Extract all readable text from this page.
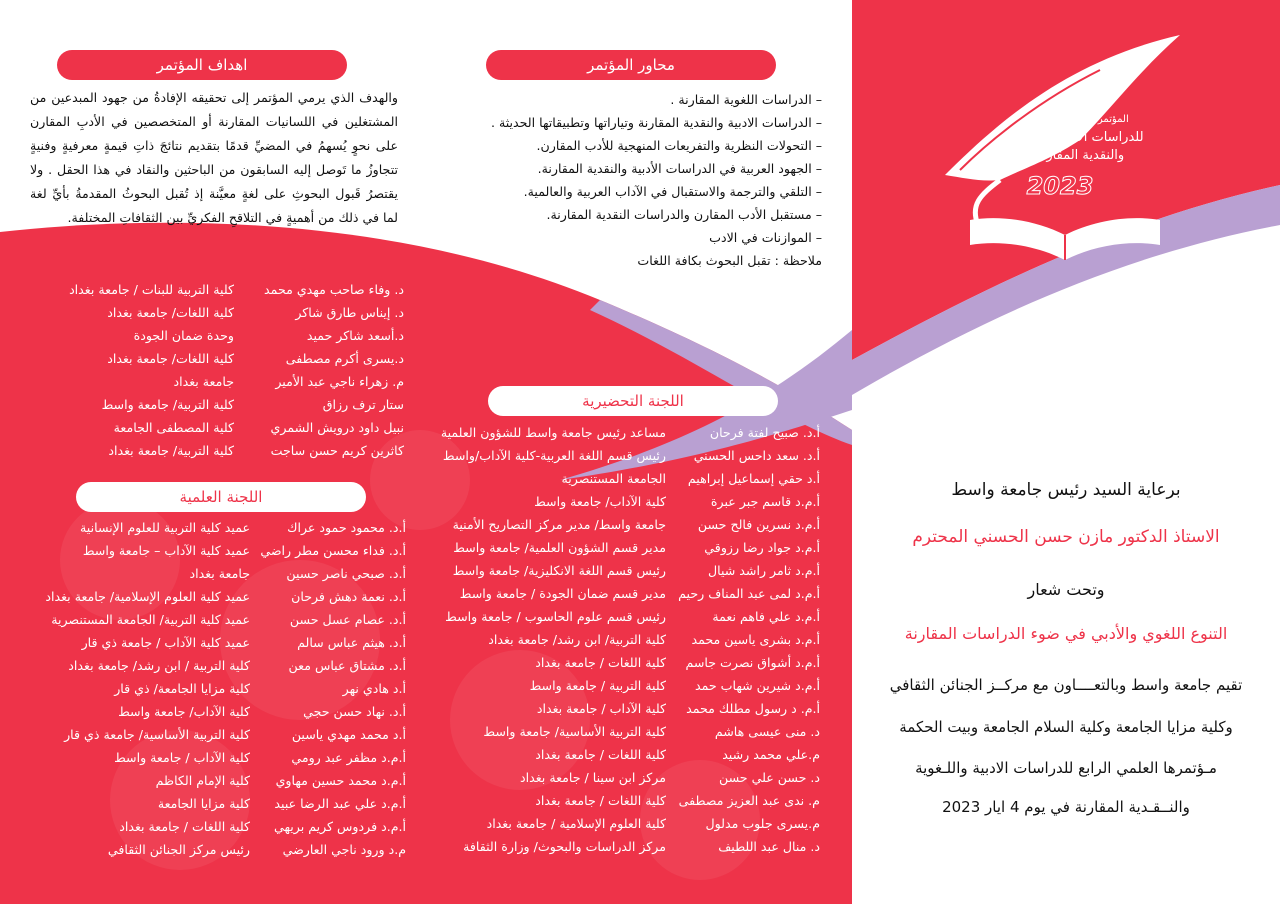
المؤتمر العلمي الرابع
للدراسات الادبية اللغوية
والنقدية المقارنة
2023
محاور المؤتمر
– الدراسات اللغوية المقارنة .
– الدراسات الادبية والنقدية المقارنة وتياراتها وتطبيقاتها الحديثة .
– التحولات النظرية والتفريعات المنهجية للأدب المقارن.
– الجهود العربية في الدراسات الأدبية والنقدية المقارنة.
– التلقي والترجمة والاستقبال في الآداب العربية والعالمية.
– مستقبل الأدب المقارن والدراسات النقدية المقارنة.
– الموازنات في الادب
ملاحظة : تقبل البحوث بكافة اللغات
اهداف المؤتمر
والهدف الذي يرمي المؤتمر إلى تحقيقه الإفادةُ من جهود المبدعين من المشتغلين في اللسانيات المقارنة أو المتخصصين في الأدبِ المقارن على نحوٍ يُسهمُ في المضيِّ قدمًا بتقديم نتائجَ ذاتِ قيمةٍ معرفيةٍ وفنيةٍ تتجاوزُ ما تَوصل إليه السابقون من الباحثين والنقاد في هذا الحقل . ولا يقتصرُ قَبول البحوثِ على لغةٍ معيَّنة إذ تُقبل البحوثُ المقدمةُ بأيِّ لغة لما في ذلك من أهميةٍ في التلاقحِ الفكريِّ بين الثقافاتِ المختلفة.
د. وفاء صاحب مهدي محمد
د. إيناس طارق شاكر
د.أسعد شاكر حميد
د.يسرى أكرم مصطفى
م. زهراء ناجي عبد الأمير
ستار ترف رزاق
نبيل داود درويش الشمري
كاثرين كريم حسن ساجت
كلية التربية للبنات / جامعة بغداد
كلية اللغات/ جامعة بغداد
وحدة ضمان الجودة
كلية اللغات/ جامعة بغداد
جامعة بغداد
كلية التربية/ جامعة واسط
كلية المصطفى الجامعة
كلية التربية/ جامعة بغداد
اللجنة التحضيرية
أ.د. صبيح لفتة فرحان
أ.د. سعد داحس الحسني
أ.د حقي إسماعيل إبراهيم
أ.م.د قاسم جبر عبرة
أ.م.د نسرين فالح حسن
أ.م.د جواد رضا رزوقي
أ.م.د ثامر راشد شيال
أ.م.د لمى عبد المناف رحيم
أ.م.د علي فاهم نعمة
أ.م.د بشرى ياسين محمد
أ.م.د أشواق نصرت جاسم
أ.م.د شيرين شهاب حمد
أ.م. د رسول مطلك محمد
د. منى عيسى هاشم
م.علي محمد رشيد
د. حسن علي حسن
م. ندى عبد العزيز مصطفى
م.يسرى جلوب مدلول
د. منال عبد اللطيف
مساعد رئيس جامعة واسط للشؤون العلمية
رئيس قسم اللغة العربية-كلية الآداب/واسط
الجامعة المستنصرية
كلية الآداب/ جامعة واسط
جامعة واسط/ مدير مركز التصاريح الأمنية
مدير قسم الشؤون العلمية/ جامعة واسط
رئيس قسم اللغة الانكليزية/ جامعة واسط
مدير قسم ضمان الجودة / جامعة واسط
رئيس قسم علوم الحاسوب / جامعة واسط
كلية التربية/ ابن رشد/ جامعة بغداد
كلية اللغات / جامعة بغداد
كلية التربية / جامعة واسط
كلية الآداب / جامعة بغداد
كلية التربية الأساسية/ جامعة واسط
كلية اللغات / جامعة بغداد
مركز ابن سينا / جامعة بغداد
كلية اللغات / جامعة بغداد
كلية العلوم الإسلامية / جامعة بغداد
مركز الدراسات والبحوث/ وزارة الثقافة
اللجنة العلمية
أ.د. محمود حمود عراك
أ.د. فداء محسن مطر راضي
أ.د. صبحي ناصر حسين
أ.د. نعمة دهش فرحان
أ.د. عصام عسل حسن
أ.د. هيثم عباس سالم
أ.د. مشتاق عباس معن
أ.د هادي نهر
أ.د. نهاد حسن حجي
أ.د محمد مهدي ياسين
أ.م.د مظفر عبد رومي
أ.م.د محمد حسين مهاوي
أ.م.د علي عبد الرضا عبيد
أ.م.د فردوس كريم بريهي
م.د ورود ناجي العارضي
عميد كلية التربية للعلوم الإنسانية
عميد كلية الآداب – جامعة واسط
جامعة بغداد
عميد كلية العلوم الإسلامية/ جامعة بغداد
عميد كلية التربية/ الجامعة المستنصرية
عميد كلية الآداب / جامعة ذي قار
كلية التربية / ابن رشد/ جامعة بغداد
كلية مزايا الجامعة/ ذي قار
كلية الآداب/ جامعة واسط
كلية التربية الأساسية/ جامعة ذي قار
كلية الآداب / جامعة واسط
كلية الإمام الكاظم
كلية مزايا الجامعة
كلية اللغات / جامعة بغداد
رئيس مركز الجنائن الثقافي
برعاية السيد رئيس جامعة واسط
الاستاذ الدكتور مازن حسن الحسني المحترم
وتحت شعار
التنوع اللغوي والأدبي في ضوء الدراسات المقارنة
تقيم جامعة واسط وبالتعــــاون مع مركــز الجنائن الثقافي
وكلية مزايا الجامعة وكلية السلام الجامعة وبيت الحكمة
مـؤتمرها العلمي الرابع للدراسات الادبية واللـغوية
والنــقـدية المقارنة في يوم 4 ايار 2023
